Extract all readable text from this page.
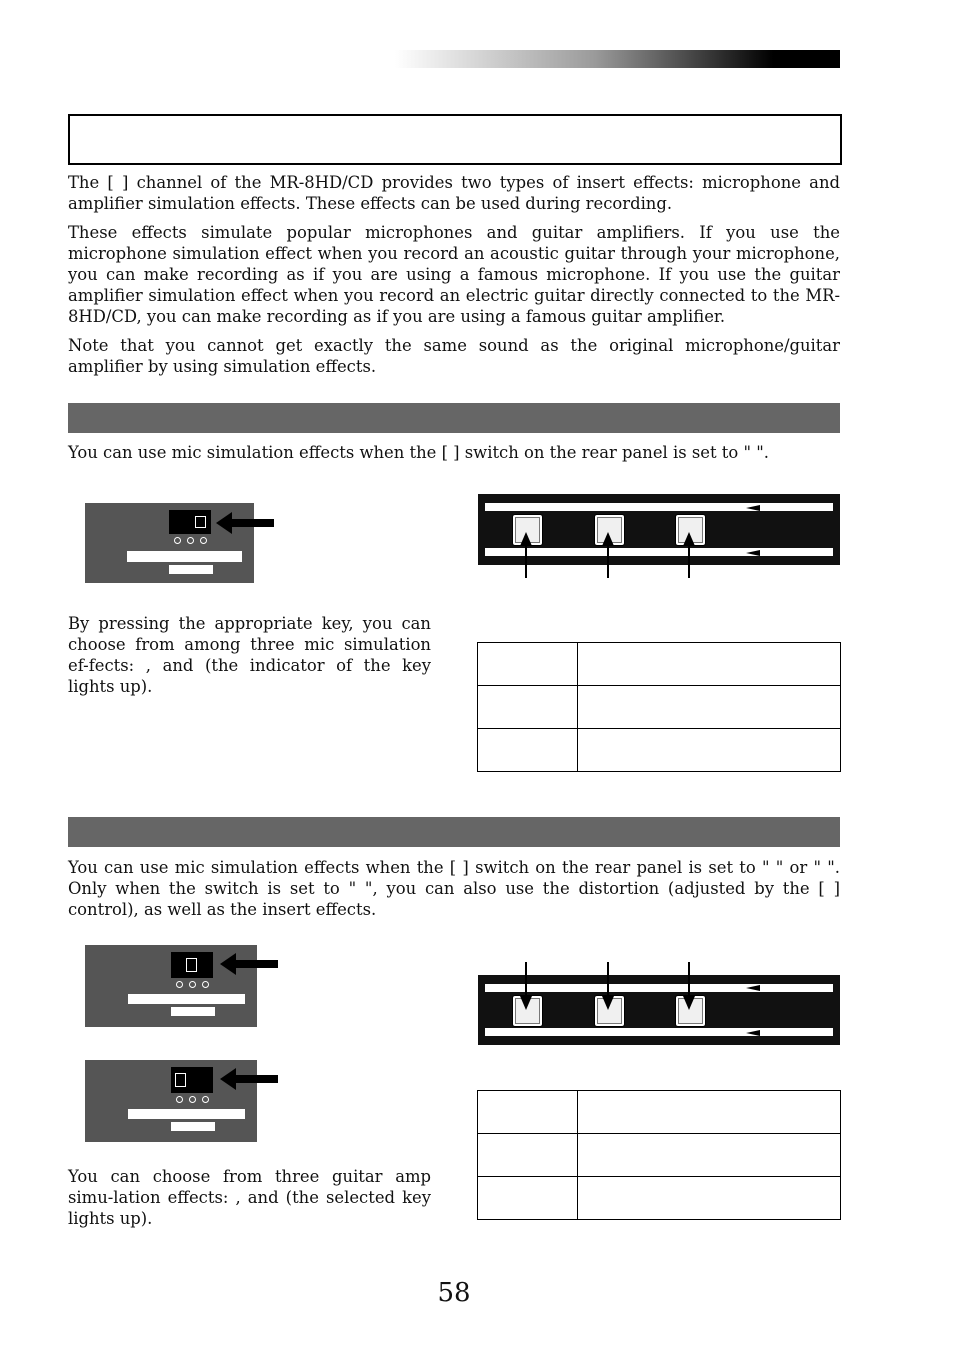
The [ ] channel of the MR-8HD/CD provides two types of insert effects: microphone and amplifier simulation effects. These effects can be used during recording.

These effects simulate popular microphones and guitar amplifiers. If you use the microphone simulation effect when you record an acoustic guitar through your microphone, you can make recording as if you are using a famous microphone. If you use the guitar amplifier simulation effect when you record an electric guitar directly connected to the MR-8HD/CD, you can make recording as if you are using a famous guitar amplifier.

Note that you cannot get exactly the same sound as the original microphone/guitar amplifier by using simulation effects.

You can use mic simulation effects when the [ ] switch on the rear panel is set to " ".

By pressing the appropriate key, you can choose from among three mic simulation ef-fects: , and (the indicator of the key lights up).

You can use mic simulation effects when the [ ] switch on the rear panel is set to " " or " ". Only when the switch is set to " ", you can also use the distortion (adjusted by the [ ] control), as well as the insert effects.

You can choose from three guitar amp simu-lation effects: , and (the selected key lights up).

58
